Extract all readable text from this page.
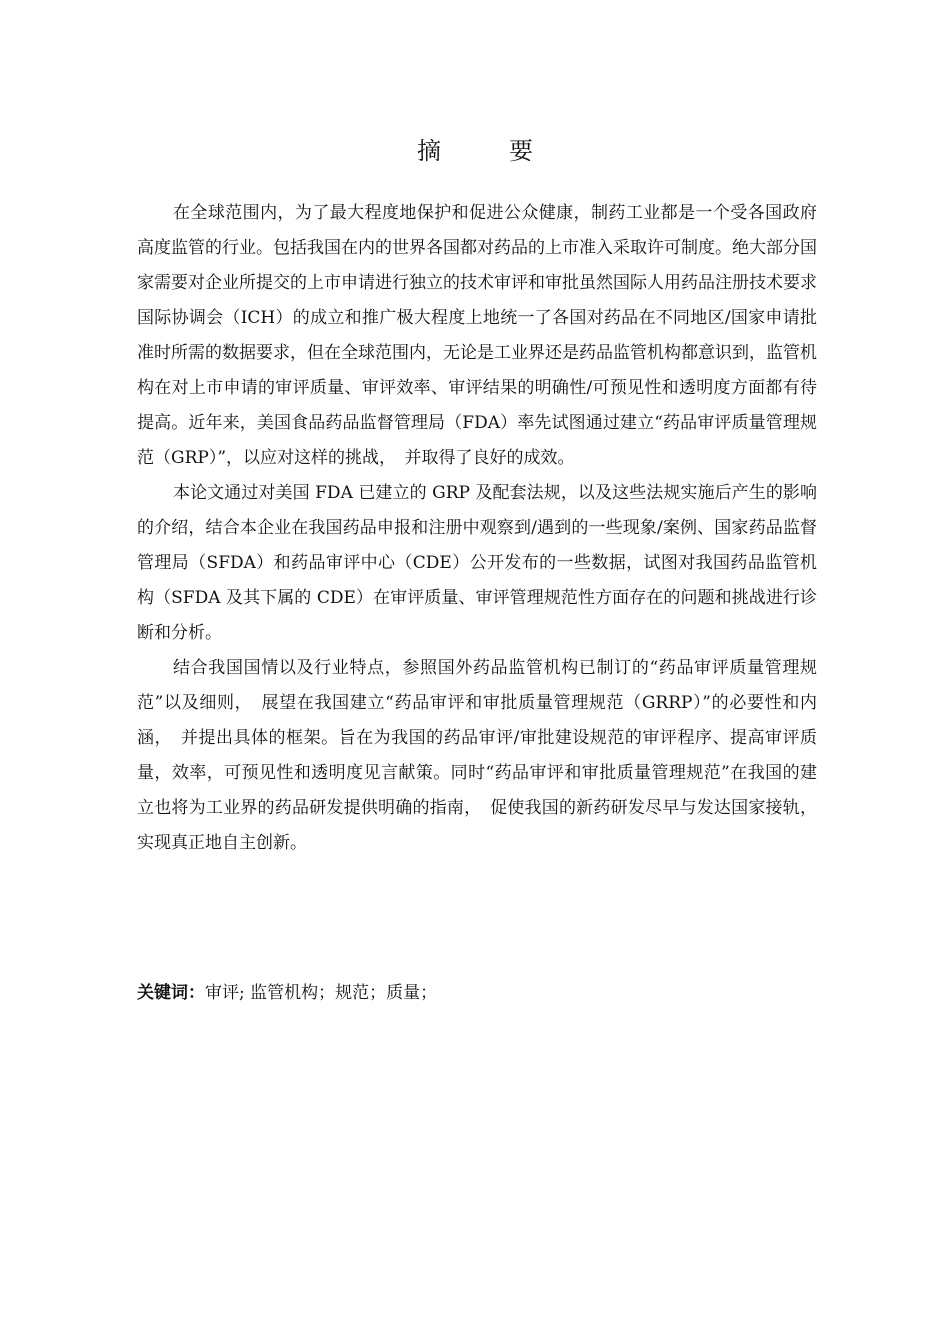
摘　要

在全球范围内，为了最大程度地保护和促进公众健康，制药工业都是一个受各国政府高度监管的行业。包括我国在内的世界各国都对药品的上市准入采取许可制度。绝大部分国家需要对企业所提交的上市申请进行独立的技术审评和审批虽然国际人用药品注册技术要求国际协调会（ICH）的成立和推广极大程度上地统一了各国对药品在不同地区/国家申请批准时所需的数据要求，但在全球范围内，无论是工业界还是药品监管机构都意识到，监管机构在对上市申请的审评质量、审评效率、审评结果的明确性/可预见性和透明度方面都有待提高。近年来，美国食品药品监督管理局（FDA）率先试图通过建立“药品审评质量管理规范（GRP）”，以应对这样的挑战，　并取得了良好的成效。

本论文通过对美国 FDA 已建立的 GRP 及配套法规，以及这些法规实施后产生的影响的介绍，结合本企业在我国药品申报和注册中观察到/遇到的一些现象/案例、国家药品监督管理局（SFDA）和药品审评中心（CDE）公开发布的一些数据，试图对我国药品监管机构（SFDA 及其下属的 CDE）在审评质量、审评管理规范性方面存在的问题和挑战进行诊断和分析。

结合我国国情以及行业特点，参照国外药品监管机构已制订的“药品审评质量管理规范”以及细则，　展望在我国建立“药品审评和审批质量管理规范（GRRP）”的必要性和内涵，　并提出具体的框架。旨在为我国的药品审评/审批建设规范的审评程序、提高审评质量，效率，可预见性和透明度见言献策。同时“药品审评和审批质量管理规范”在我国的建立也将为工业界的药品研发提供明确的指南，　促使我国的新药研发尽早与发达国家接轨，实现真正地自主创新。

关键词：审评; 监管机构；规范；质量；
